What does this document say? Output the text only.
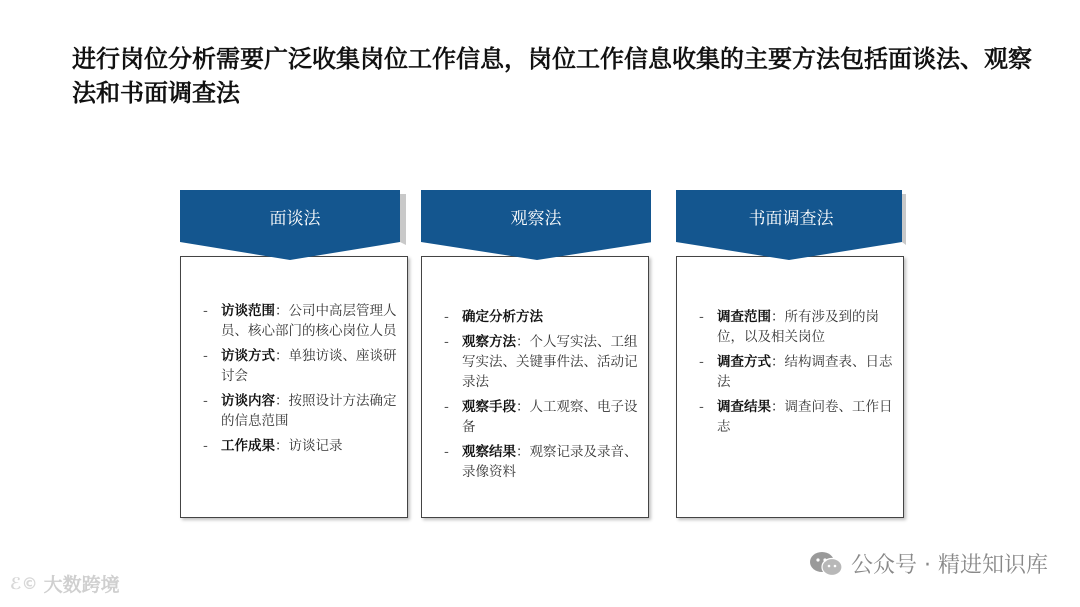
进行岗位分析需要广泛收集岗位工作信息，岗位工作信息收集的主要方法包括面谈法、观察法和书面调查法
- 访谈范围：公司中高层管理人员、核心部门的核心岗位人员
- 访谈方式：单独访谈、座谈研讨会
- 访谈内容：按照设计方法确定的信息范围
- 工作成果：访谈记录
面谈法
- 确定分析方法
- 观察方法：个人写实法、工组写实法、关键事件法、活动记录法
- 观察手段：人工观察、电子设备
- 观察结果：观察记录及录音、录像资料
观察法
- 调查范围：所有涉及到的岗位，以及相关岗位
- 调查方式：结构调查表、日志法
- 调查结果：调查问卷、工作日志
书面调查法
公众号 · 精进知识库
ℰ© 大数跨境
